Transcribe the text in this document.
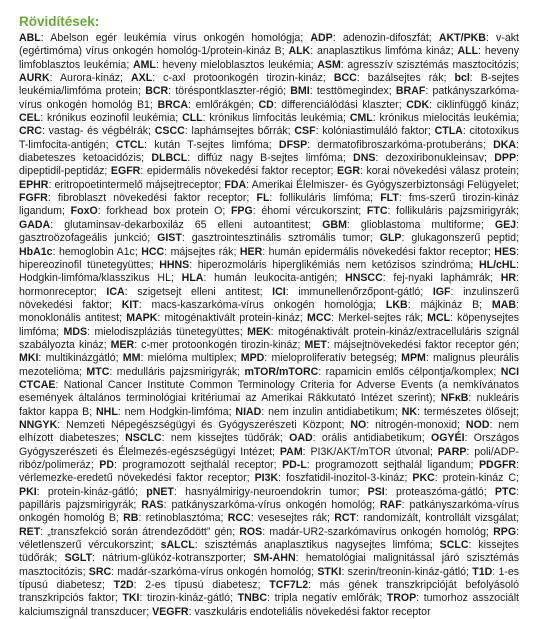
Rövidítések:

ABL: Abelson egér leukémia vírus onkogén homológja; ADP: adenozin-difoszfát; AKT/PKB: v-akt (egértimóma) vírus onkogén homológ-1/protein-kináz B; ALK: anaplasztikus limfóma kináz; ALL: heveny limfoblasztos leukémia; AML: heveny mieloblasztos leukémia; ASM: agresszív szisztémás masztocitózis; AURK: Aurora-kináz; AXL: c-axl protoonkogén tirozin-kináz; BCC: bazálsejtes rák; bcl: B-sejtes leukémia/limfóma protein; BCR: töréspontklaszter-régió; BMI: testtömegindex; BRAF: patkányszarkóma-vírus onkogén homológ B1; BRCA: emlőrákgén; CD: differenciálódási klaszter; CDK: ciklinfüggő kináz; CEL: krónikus eozinofil leukémia; CLL: krónikus limfocitás leukémia; CML: krónikus mielocitás leukémia; CRC: vastag- és végbélrák; CSCC: laphámsejtes bőrrák; CSF: kolóniastimuláló faktor; CTLA: citotoxikus T-limfocita-antigén; CTCL: kután T-sejtes limfóma; DFSP: dermatofibroszarkóma-protuberáns; DKA: diabeteszes ketoacidózis; DLBCL: diffúz nagy B-sejtes limfóma; DNS: dezoxiribonukleinsav; DPP: dipeptidil-peptidáz; EGFR: epidermális növekedési faktor receptor; EGR: korai növekedési válasz protein; EPHR: eritropoetintermelő májsejtreceptor; FDA: Amerikai Élelmiszer- és Gyógyszerbiztonsági Felügyelet; FGFR: fibroblaszt növekedési faktor receptor; FL: follikuláris limfóma; FLT: fms-szerű tirozin-kináz ligandum; FoxO: forkhead box protein O; FPG: éhomi vércukorszint; FTC: follikuláris pajzsmirigyrák; GADA: glutaminsav-dekarboxiláz 65 elleni autoantitest; GBM: glioblastoma multiforme; GEJ: gasztroözofageális junkció; GIST: gasztrointesztinális sztromális tumor; GLP: glukagonszerű peptid; HbA1c: hemoglobin A1c; HCC: májsejtes rák; HER: humán epidermális növekedési faktor receptor; HES: hipereozinofil tünetegyüttes; HHNS: hiperozmoláris hiperglikémiás nem ketózisos szindróma; HL/cHL: Hodgkin-limfóma/klasszikus HL; HLA: humán leukocita-antigén; HNSCC: fej-nyaki laphámrák; HR: hormonreceptor; ICA: szigetsejt elleni antitest; ICI: immunellenőrzőpont-gátló; IGF: inzulinszerű növekedési faktor; KIT: macs-kaszarkóma-vírus onkogén homológja; LKB: májkináz B; MAB: monoklonális antitest; MAPK: mitogénaktivált protein-kináz; MCC: Merkel-sejtes rák; MCL: köpenysejtes limfóma; MDS: mielodiszpláziás tünetegyüttes; MEK: mitogénaktivált protein-kináz/extracelluláris szignál szabályozta kináz; MER: c-mer protoonkogén tirozin-kináz; MET: májsejtnövekedési faktor receptor gén; MKI: multikinázgátló; MM: mielóma multiplex; MPD: mieloproliferatív betegség; MPM: malignus pleurális mezotelióma; MTC: medulláris pajzsmirigyrák; mTOR/mTORC: rapamicin emlős célpontja/komplex; NCI CTCAE: National Cancer Institute Common Terminology Criteria for Adverse Events (a nemkívánatos események általános terminológiai kritériumai az Amerikai Rákkutató Intézet szerint); NFκB: nukleáris faktor kappa B; NHL: nem Hodgkin-limfóma; NIAD: nem inzulin antidiabetikum; NK: természetes ölősejt; NNGYK: Nemzeti Népegészségügyi és Gyógyszerészeti Központ; NO: nitrogén-monoxid; NOD: nem elhízott diabeteszes; NSCLC: nem kissejtes tüdőrák; OAD: orális antidiabetikum; OGYÉI: Országos Gyógyszerészeti és Élelmezés-egészségügyi Intézet; PAM: PI3K/AKT/mTOR útvonal; PARP: poli/ADP-ribóz/polimeráz; PD: programozott sejthalál receptor; PD-L: programozott sejthalál ligandum; PDGFR: vérlemezke-eredetű növekedési faktor receptor; PI3K: foszfatidil-inozitol-3-kináz; PKC: protein-kináz C; PKI: protein-kináz-gátló; pNET: hasnyálmirigy-neuroendokrin tumor; PSI: proteaszóma-gátló; PTC: papilláris pajzsmirigyrák; RAS: patkányszarkóma-vírus onkogén homológ; RAF: patkányszarkóma-vírus onkogén homológ B; RB: retinoblasztóma; RCC: vesesejtes rák; RCT: randomizált, kontrollált vizsgálat; RET: „transzfekció során átrendeződött” gén; ROS: madár-UR2-szarkómavírus onkogén homológ; RPG: véletlenszerű vércukorszint; sALCL: szisztémás anaplasztikus nagysejtes limfóma; SCLC: kissejtes tüdőrák; SGLT: nátrium-glükóz-kotranszporter; SM-AHN: hematológiai malignitással járó szisztémás masztocitózis; SRC: madár-szarkóma-vírus onkogén homológ; STKI: szerin/treonin-kináz-gátló; T1D: 1-es típusú diabetesz; T2D: 2-es típusú diabetesz; TCF7L2: más gének transzkripcióját befolyásoló transzkripciós faktor; TKI: tirozin-kináz-gátló; TNBC: tripla negatív emlőrák; TROP: tumorhoz asszociált kalciumszignál transzducer; VEGFR: vaszkuláris endoteliális növekedési faktor receptor
